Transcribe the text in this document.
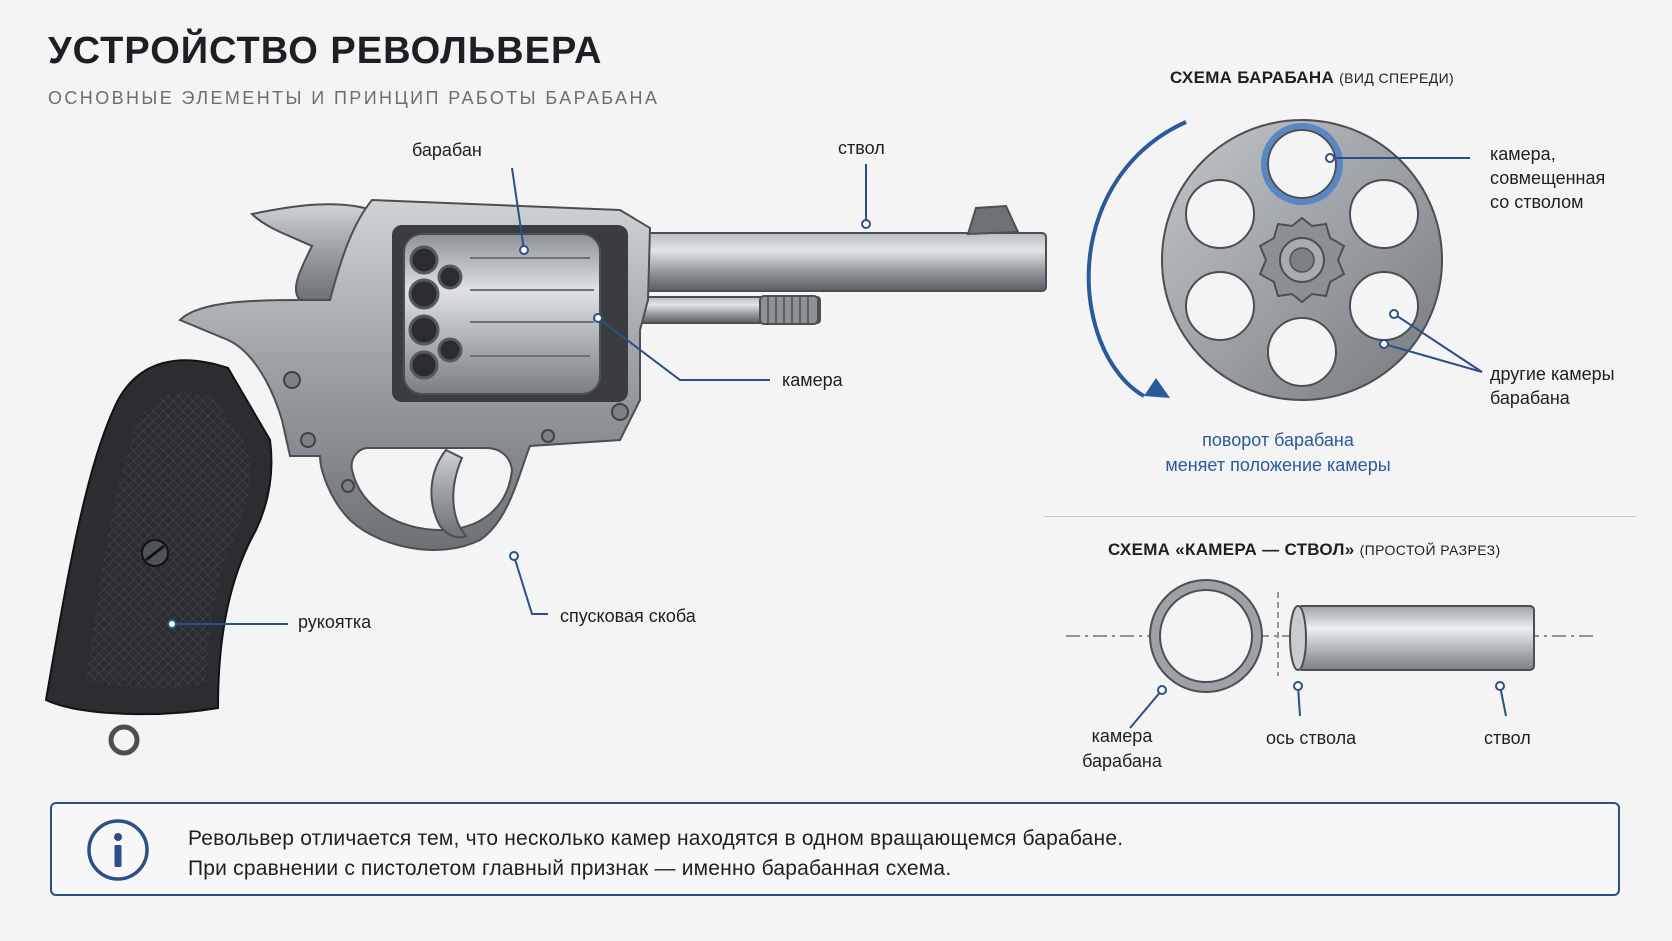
УСТРОЙСТВО РЕВОЛЬВЕРА
ОСНОВНЫЕ ЭЛЕМЕНТЫ И ПРИНЦИП РАБОТЫ БАРАБАНА
барабан	ствол
камера
рукоятка	спусковая скоба
СХЕМА БАРАБАНА (ВИД СПЕРЕДИ)
камера,
совмещенная
со стволом
другие камеры
барабана
поворот барабана
меняет положение камеры
СХЕМА «КАМЕРА — СТВОЛ» (ПРОСТОЙ РАЗРЕЗ)
камера
барабана
ось ствола	ствол
Револьвер отличается тем, что несколько камер находятся в одном вращающемся барабане.
При сравнении с пистолетом главный признак — именно барабанная схема.
